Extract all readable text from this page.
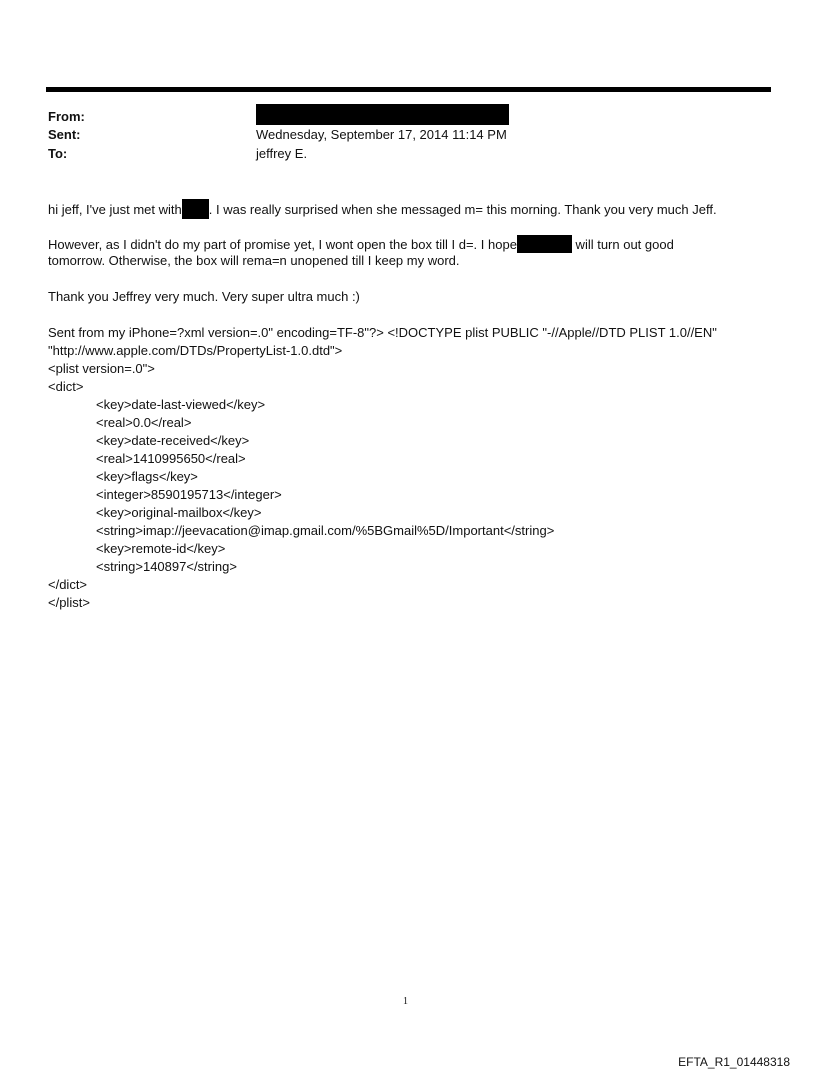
From:
Sent:	Wednesday, September 17, 2014 11:14 PM
To:	jeffrey E.
hi jeff, I've just met with . I was really surprised when she messaged m= this morning. Thank you very much Jeff.
However, as I didn't do my part of promise yet, I wont open the box till I d=. I hope	will turn out good
tomorrow. Otherwise, the box will rema=n unopened till I keep my word.
Thank you Jeffrey very much. Very super ultra much :)
Sent from my iPhone=?xml version=.0" encoding=TF-8"?> <!DOCTYPE plist PUBLIC "-//Apple//DTD PLIST 1.0//EN"
"http://www.apple.com/DTDs/PropertyList-1.0.dtd">
<plist version=.0">
<dict>
<key>date-last-viewed</key>
<real>0.0</real>
<key>date-received</key>
<real>1410995650</real>
<key>flags</key>
<integer>8590195713</integer>
<key>original-mailbox</key>
<string>imap://jeevacation@imap.gmail.com/%5BGmail%5D/Important</string>
<key>remote-id</key>
<string>140897</string>
</dict>
</plist>
1
EFTA_R1_01448318
